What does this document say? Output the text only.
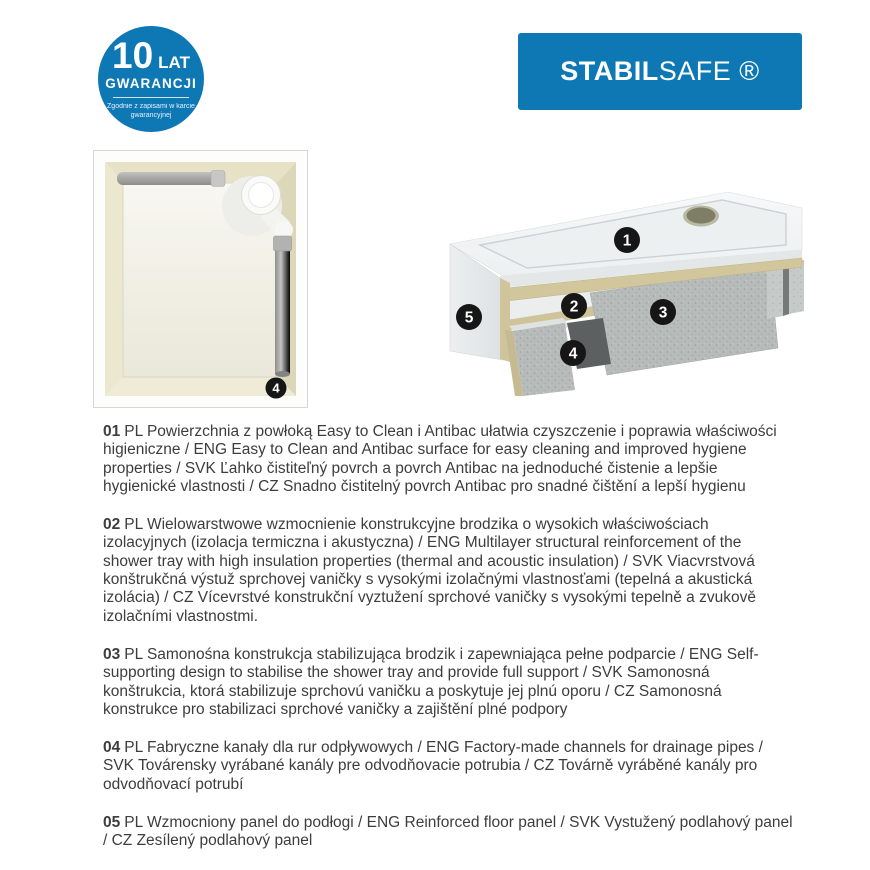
10 LAT
GWARANCJI
Zgodnie z zapisami w karcie
gwarancyjnej
STABIL SAFE ®
4
1
2	3
4
5

01 PL Powierzchnia z powłoką Easy to Clean i Antibac ułatwia czyszczenie i poprawia właściwości higieniczne / ENG Easy to Clean and Antibac surface for easy cleaning and improved hygiene properties / SVK Ľahko čistiteľný povrch a povrch Antibac na jednoduché čistenie a lepšie hygienické vlastnosti / CZ Snadno čistitelný povrch Antibac pro snadné čištění a lepší hygienu

02 PL Wielowarstwowe wzmocnienie konstrukcyjne brodzika o wysokich właściwościach izolacyjnych (izolacja termiczna i akustyczna) / ENG Multilayer structural reinforcement of the shower tray with high insulation properties (thermal and acoustic insulation) / SVK Viacvrstvová konštrukčná výstuž sprchovej vaničky s vysokými izolačnými vlastnosťami (tepelná a akustická izolácia) / CZ Vícevrstvé konstrukční vyztužení sprchové vaničky s vysokými tepelně a zvukově izolačními vlastnostmi.

03 PL Samonośna konstrukcja stabilizująca brodzik i zapewniająca pełne podparcie / ENG Self-supporting design to stabilise the shower tray and provide full support / SVK Samonosná konštrukcia, ktorá stabilizuje sprchovú vaničku a poskytuje jej plnú oporu / CZ Samonosná konstrukce pro stabilizaci sprchové vaničky a zajištění plné podpory

04 PL Fabryczne kanały dla rur odpływowych / ENG Factory-made channels for drainage pipes / SVK Továrensky vyrábané kanály pre odvodňovacie potrubia / CZ Továrně vyráběné kanály pro odvodňovací potrubí

05 PL Wzmocniony panel do podłogi / ENG Reinforced floor panel / SVK Vystužený podlahový panel / CZ Zesílený podlahový panel
